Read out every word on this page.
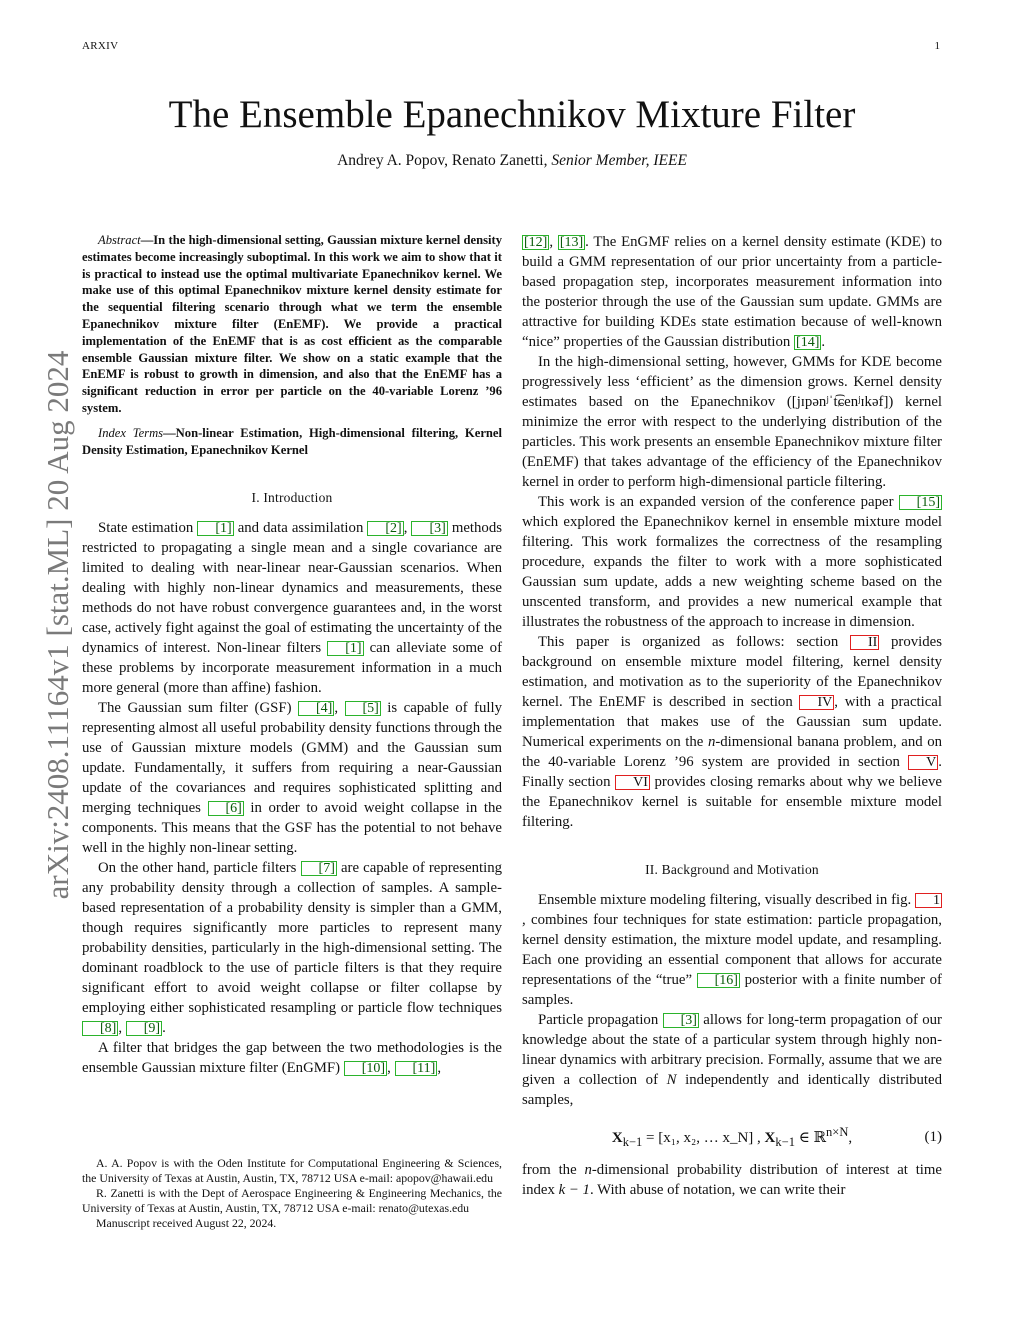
ARXIV	1
arXiv:2408.11164v1 [stat.ML] 20 Aug 2024
The Ensemble Epanechnikov Mixture Filter
Andrey A. Popov, Renato Zanetti, Senior Member, IEEE

Abstract—In the high-dimensional setting, Gaussian mixture kernel density estimates become increasingly suboptimal. In this work we aim to show that it is practical to instead use the optimal multivariate Epanechnikov kernel. We make use of this optimal Epanechnikov mixture kernel density estimate for the sequential filtering scenario through what we term the ensemble Epanechnikov mixture filter (EnEMF). We provide a practical implementation of the EnEMF that is as cost efficient as the comparable ensemble Gaussian mixture filter. We show on a static example that the EnEMF is robust to growth in dimension, and also that the EnEMF has a significant reduction in error per particle on the 40-variable Lorenz ’96 system.

Index Terms—Non-linear Estimation, High-dimensional filtering, Kernel Density Estimation, Epanechnikov Kernel

I. Introduction

State estimation [1] and data assimilation [2] , [3] methods restricted to propagating a single mean and a single covariance are limited to dealing with near-linear near-Gaussian scenarios. When dealing with highly non-linear dynamics and measurements, these methods do not have robust convergence guarantees and, in the worst case, actively fight against the goal of estimating the uncertainty of the dynamics of interest. Non-linear filters [1] can alleviate some of these problems by incorporate measurement information in a much more general (more than affine) fashion.

The Gaussian sum filter (GSF) [4] , [5] is capable of fully representing almost all useful probability density functions through the use of Gaussian mixture models (GMM) and the Gaussian sum update. Fundamentally, it suffers from requiring a near-Gaussian update of the covariances and requires sophisticated splitting and merging techniques [6] in order to avoid weight collapse in the components. This means that the GSF has the potential to not behave well in the highly non-linear setting.

On the other hand, particle filters [7] are capable of representing any probability density through a collection of samples. A sample-based representation of a probability density is simpler than a GMM, though requires significantly more particles to represent many probability densities, particularly in the high-dimensional setting. The dominant roadblock to the use of particle filters is that they require significant effort to avoid weight collapse or filter collapse by employing either sophisticated resampling or particle flow techniques [8] , [9] .

A filter that bridges the gap between the two methodologies is the ensemble Gaussian mixture filter (EnGMF) [10] , [11] ,

A. A. Popov is with the Oden Institute for Computational Engineering & Sciences, the University of Texas at Austin, Austin, TX, 78712 USA e-mail: apopov@hawaii.edu

R. Zanetti is with the Dept of Aerospace Engineering & Engineering Mechanics, the University of Texas at Austin, Austin, TX, 78712 USA e-mail: renato@utexas.edu

Manuscript received August 22, 2024.

[12] , [13] . The EnGMF relies on a kernel density estimate (KDE) to build a GMM representation of our prior uncertainty from a particle-based propagation step, incorporates measurement information into the posterior through the use of the Gaussian sum update. GMMs are attractive for building KDEs state estimation because of well-known “nice” properties of the Gaussian distribution [14] .

In the high-dimensional setting, however, GMMs for KDE become progressively less ‘efficient’ as the dimension grows. Kernel density estimates based on the Epanechnikov ([jɪpənʲˈt͡ɕenʲɪkəf]) kernel minimize the error with respect to the underlying distribution of the particles. This work presents an ensemble Epanechnikov mixture filter (EnEMF) that takes advantage of the efficiency of the Epanechnikov kernel in order to perform high-dimensional particle filtering.

This work is an expanded version of the conference paper [15] which explored the Epanechnikov kernel in ensemble mixture model filtering. This work formalizes the correctness of the resampling procedure, expands the filter to work with a more sophisticated Gaussian sum update, adds a new weighting scheme based on the unscented transform, and provides a new numerical example that illustrates the robustness of the approach to increase in dimension.

This paper is organized as follows: section II provides background on ensemble mixture model filtering, kernel density estimation, and motivation as to the superiority of the Epanechnikov kernel. The EnEMF is described in section IV , with a practical implementation that makes use of the Gaussian sum update. Numerical experiments on the n-dimensional banana problem, and on the 40-variable Lorenz ’96 system are provided in section V . Finally section VI provides closing remarks about why we believe the Epanechnikov kernel is suitable for ensemble mixture model filtering.

II. Background and Motivation

Ensemble mixture modeling filtering, visually described in fig. 1, combines four techniques for state estimation: particle propagation, kernel density estimation, the mixture model update, and resampling. Each one providing an essential component that allows for accurate representations of the “true” [16] posterior with a finite number of samples.

Particle propagation [3] allows for long-term propagation of our knowledge about the state of a particular system through highly non-linear dynamics with arbitrary precision. Formally, assume that we are given a collection of N independently and identically distributed samples,

$X_{k-1} = [x_1$, x₂, … x_N] , $X_{k-1}$ ∈ ℝ$^{n\times N}$,	(1)

from the n-dimensional probability distribution of interest at time index k − 1. With abuse of notation, we can write their
